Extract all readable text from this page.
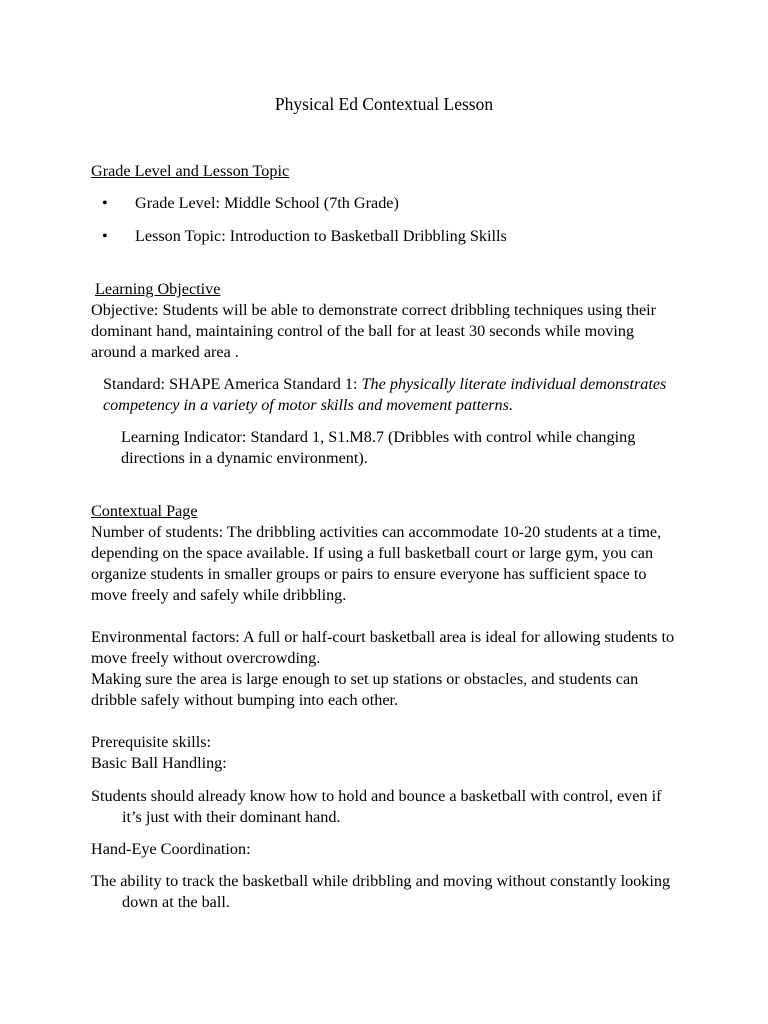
Physical Ed Contextual Lesson
Grade Level and Lesson Topic
• Grade Level: Middle School (7th Grade)
• Lesson Topic: Introduction to Basketball Dribbling Skills
Learning Objective
Objective: Students will be able to demonstrate correct dribbling techniques using their dominant hand, maintaining control of the ball for at least 30 seconds while moving around a marked area .
Standard: SHAPE America Standard 1: The physically literate individual demonstrates competency in a variety of motor skills and movement patterns.
Learning Indicator: Standard 1, S1.M8.7 (Dribbles with control while changing directions in a dynamic environment).
Contextual Page
Number of students: The dribbling activities can accommodate 10-20 students at a time, depending on the space available. If using a full basketball court or large gym, you can organize students in smaller groups or pairs to ensure everyone has sufficient space to move freely and safely while dribbling.
Environmental factors: A full or half-court basketball area is ideal for allowing students to move freely without overcrowding.
Making sure the area is large enough to set up stations or obstacles, and students can dribble safely without bumping into each other.
Prerequisite skills:
Basic Ball Handling:
Students should already know how to hold and bounce a basketball with control, even if it’s just with their dominant hand.
Hand-Eye Coordination:
The ability to track the basketball while dribbling and moving without constantly looking down at the ball.
